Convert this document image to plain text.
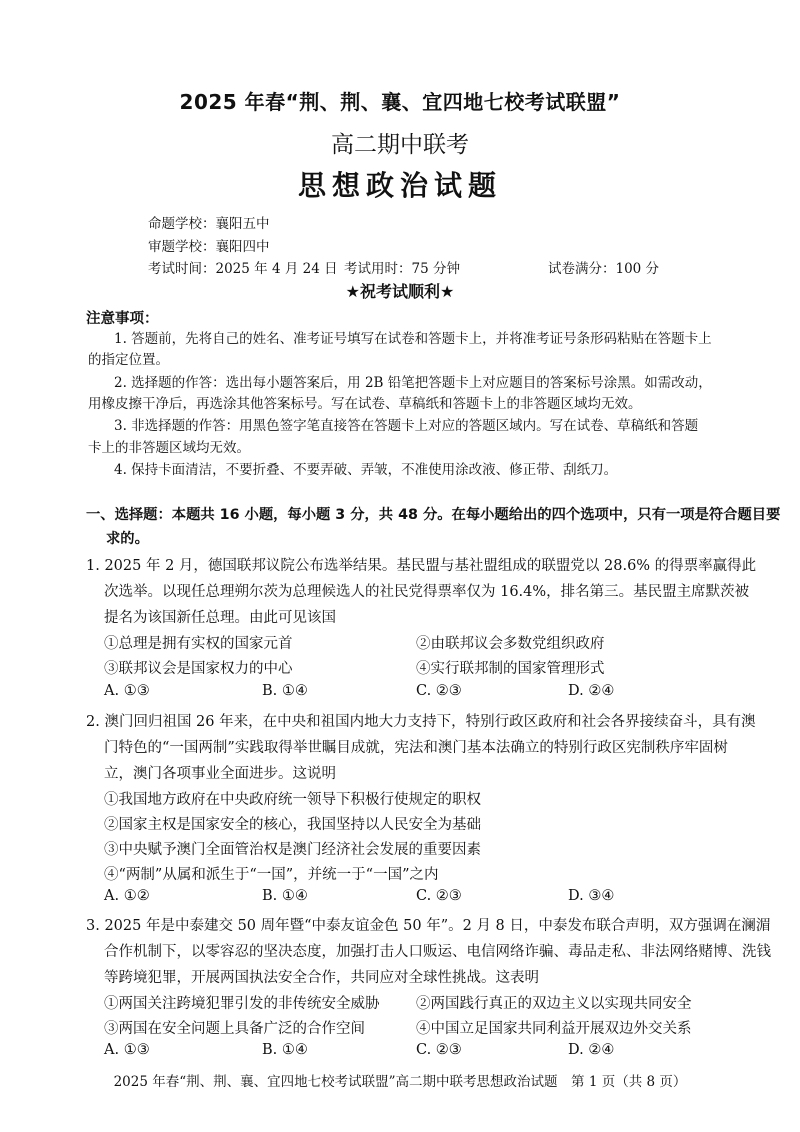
2025 年春“荆、荆、襄、宜四地七校考试联盟”
高二期中联考
思想政治试题
命题学校：襄阳五中
审题学校：襄阳四中
考试时间：2025 年 4 月 24 日 考试用时：75 分钟	试卷满分：100 分
★祝考试顺利★
注意事项：
1. 答题前，先将自己的姓名、准考证号填写在试卷和答题卡上，并将准考证号条形码粘贴在答题卡上
的指定位置。
2. 选择题的作答：选出每小题答案后，用 2B 铅笔把答题卡上对应题目的答案标号涂黑。如需改动，
用橡皮擦干净后，再选涂其他答案标号。写在试卷、草稿纸和答题卡上的非答题区域均无效。
3. 非选择题的作答：用黑色签字笔直接答在答题卡上对应的答题区域内。写在试卷、草稿纸和答题
卡上的非答题区域均无效。
4. 保持卡面清洁，不要折叠、不要弄破、弄皱，不准使用涂改液、修正带、刮纸刀。
一、选择题：本题共 16 小题，每小题 3 分，共 48 分。在每小题给出的四个选项中，只有一项是符合题目要
求的。
1. 2025 年 2 月，德国联邦议院公布选举结果。基民盟与基社盟组成的联盟党以 28.6% 的得票率赢得此
次选举。以现任总理朔尔茨为总理候选人的社民党得票率仅为 16.4%，排名第三。基民盟主席默茨被
提名为该国新任总理。由此可见该国
①总理是拥有实权的国家元首	②由联邦议会多数党组织政府
③联邦议会是国家权力的中心	④实行联邦制的国家管理形式
A. ①③	B. ①④	C. ②③	D. ②④
2. 澳门回归祖国 26 年来，在中央和祖国内地大力支持下，特别行政区政府和社会各界接续奋斗，具有澳
门特色的“一国两制”实践取得举世瞩目成就，宪法和澳门基本法确立的特别行政区宪制秩序牢固树
立，澳门各项事业全面进步。这说明
①我国地方政府在中央政府统一领导下积极行使规定的职权
②国家主权是国家安全的核心，我国坚持以人民安全为基础
③中央赋予澳门全面管治权是澳门经济社会发展的重要因素
④“两制”从属和派生于“一国”，并统一于“一国”之内
A. ①②	B. ①④	C. ②③	D. ③④
3. 2025 年是中泰建交 50 周年暨“中泰友谊金色 50 年”。2 月 8 日，中泰发布联合声明，双方强调在澜湄
合作机制下，以零容忍的坚决态度，加强打击人口贩运、电信网络诈骗、毒品走私、非法网络赌博、洗钱
等跨境犯罪，开展两国执法安全合作，共同应对全球性挑战。这表明
①两国关注跨境犯罪引发的非传统安全威胁	②两国践行真正的双边主义以实现共同安全
③两国在安全问题上具备广泛的合作空间	④中国立足国家共同利益开展双边外交关系
A. ①③	B. ①④	C. ②③	D. ②④
2025 年春“荆、荆、襄、宜四地七校考试联盟”高二期中联考思想政治试题　第 1 页（共 8 页）
